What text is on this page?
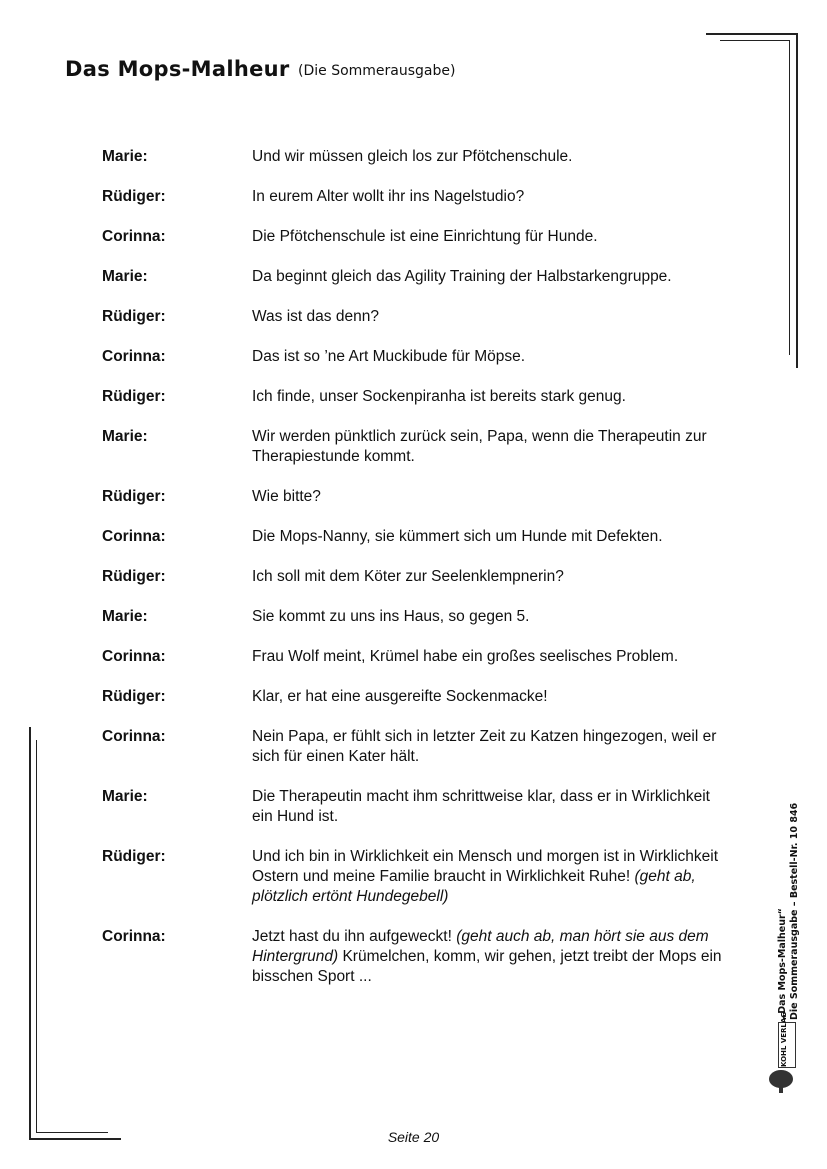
Das Mops-Malheur (Die Sommerausgabe)
Marie:	Und wir müssen gleich los zur Pfötchenschule.
Rüdiger:	In eurem Alter wollt ihr ins Nagelstudio?
Corinna:	Die Pfötchenschule ist eine Einrichtung für Hunde.
Marie:	Da beginnt gleich das Agility Training der Halbstarkengruppe.
Rüdiger:	Was ist das denn?
Corinna:	Das ist so ’ne Art Muckibude für Möpse.
Rüdiger:	Ich finde, unser Sockenpiranha ist bereits stark genug.
Marie:	Wir werden pünktlich zurück sein, Papa, wenn die Therapeutin zur Therapiestunde kommt.
Rüdiger:	Wie bitte?
Corinna:	Die Mops-Nanny, sie kümmert sich um Hunde mit Defekten.
Rüdiger:	Ich soll mit dem Köter zur Seelenklempnerin?
Marie:	Sie kommt zu uns ins Haus, so gegen 5.
Corinna:	Frau Wolf meint, Krümel habe ein großes seelisches Problem.
Rüdiger:	Klar, er hat eine ausgereifte Sockenmacke!
Corinna:	Nein Papa, er fühlt sich in letzter Zeit zu Katzen hingezogen, weil er sich für einen Kater hält.
Marie:	Die Therapeutin macht ihm schrittweise klar, dass er in Wirklichkeit ein Hund ist.
Rüdiger:	Und ich bin in Wirklichkeit ein Mensch und morgen ist in Wirklichkeit Ostern und meine Familie braucht in Wirklichkeit Ruhe! (geht ab, plötzlich ertönt Hundegebell)
Corinna:	Jetzt hast du ihn aufgeweckt! (geht auch ab, man hört sie aus dem Hintergrund) Krümelchen, komm, wir gehen, jetzt treibt der Mops ein bisschen Sport ...	„Das Mops-Malheur“ Die Sommerausgabe – Bestell-Nr. 10 846
KOHL VERLAG
Seite 20
